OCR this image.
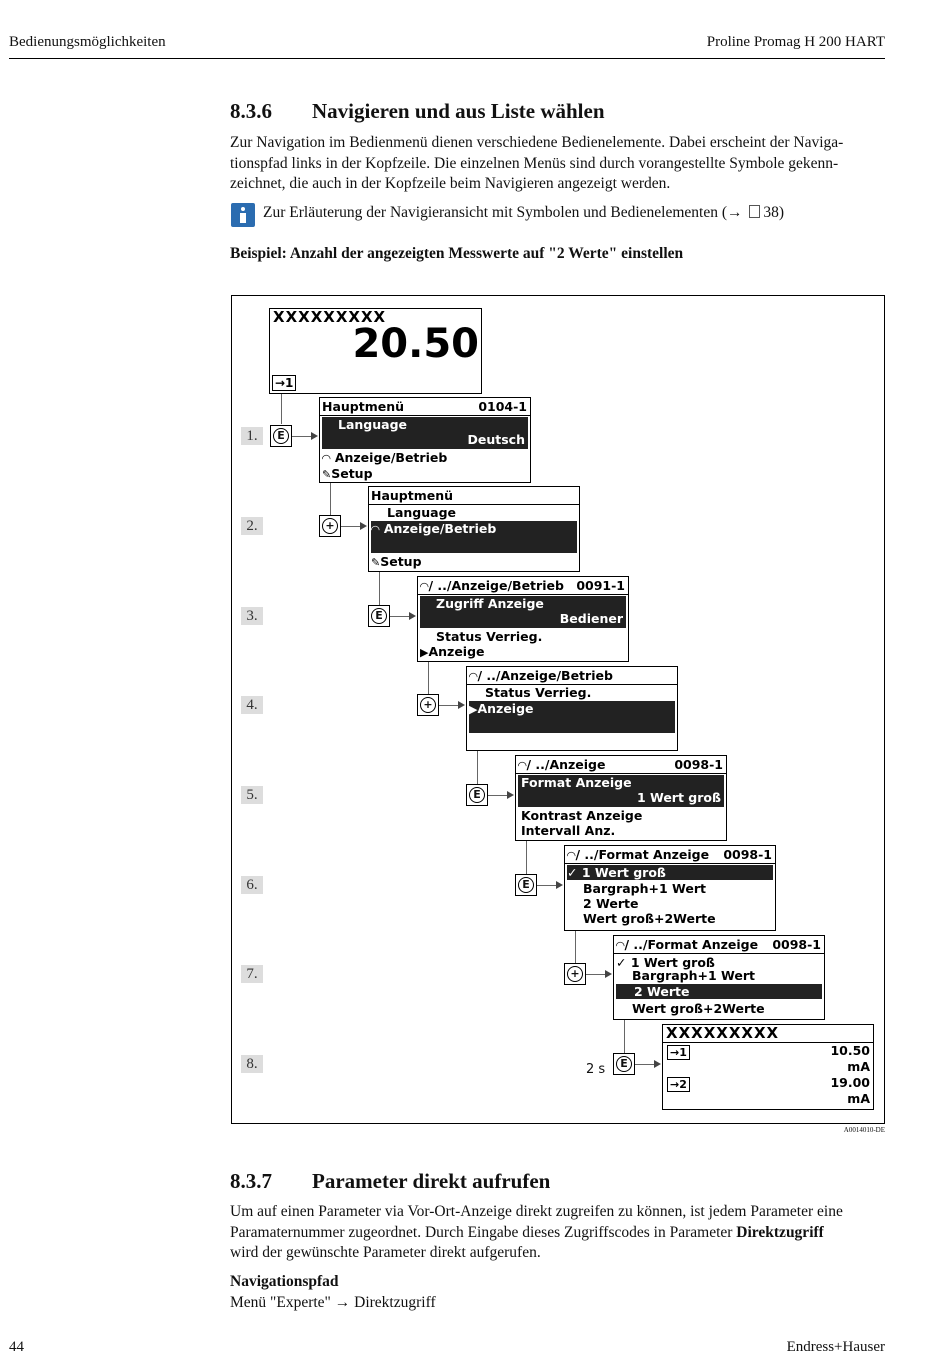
Bedienungsmöglichkeiten	Proline Promag H 200 HART
8.3.6 Navigieren und aus Liste wählen
Zur Navigation im Bedienmenü dienen verschiedene Bedienelemente. Dabei erscheint der Naviga-
tionspfad links in der Kopfzeile. Die einzelnen Menüs sind durch vorangestellte Symbole gekenn-
zeichnet, die auch in der Kopfzeile beim Navigieren angezeigt werden.
Zur Erläuterung der Navigieransicht mit Symbolen und Bedienelementen (→ 38)
Beispiel: Anzahl der angezeigten Messwerte auf "2 Werte" einstellen
1.
2.
3.
4.
5.
6.
7.
8.
XXXXXXXXX
20.50
→1
E
Hauptmenü	0104-1
Language
Deutsch
◠ Anzeige/Betrieb
✎Setup
+
Hauptmenü
Language
◠ Anzeige/Betrieb
✎Setup
E
◠/ ../Anzeige/Betrieb 0091-1
Zugriff Anzeige
Bediener
Status Verrieg.
▶Anzeige
+
◠/ ../Anzeige/Betrieb
Status Verrieg.
▶Anzeige
E
◠/ ../Anzeige	0098-1
Format Anzeige
1 Wert groß
Kontrast Anzeige
Intervall Anz.
E
◠/ ../Format Anzeige 0098-1
✓ 1 Wert groß
Bargraph+1 Wert
2 Werte
Wert groß+2Werte
+
◠/ ../Format Anzeige 0098-1
✓ 1 Wert groß
Bargraph+1 Wert
2 Werte
Wert groß+2Werte
2 s	E
XXXXXXXXX
→1	10.50
mA
→2	19.00
mA
A0014010-DE
8.3.7 Parameter direkt aufrufen
Um auf einen Parameter via Vor-Ort-Anzeige direkt zugreifen zu können, ist jedem Parameter eine
Paramaternummer zugeordnet. Durch Eingabe dieses Zugriffscodes in Parameter Direktzugriff
wird der gewünschte Parameter direkt aufgerufen.
Navigationspfad
Menü "Experte" → Direktzugriff
44	Endress+Hauser
